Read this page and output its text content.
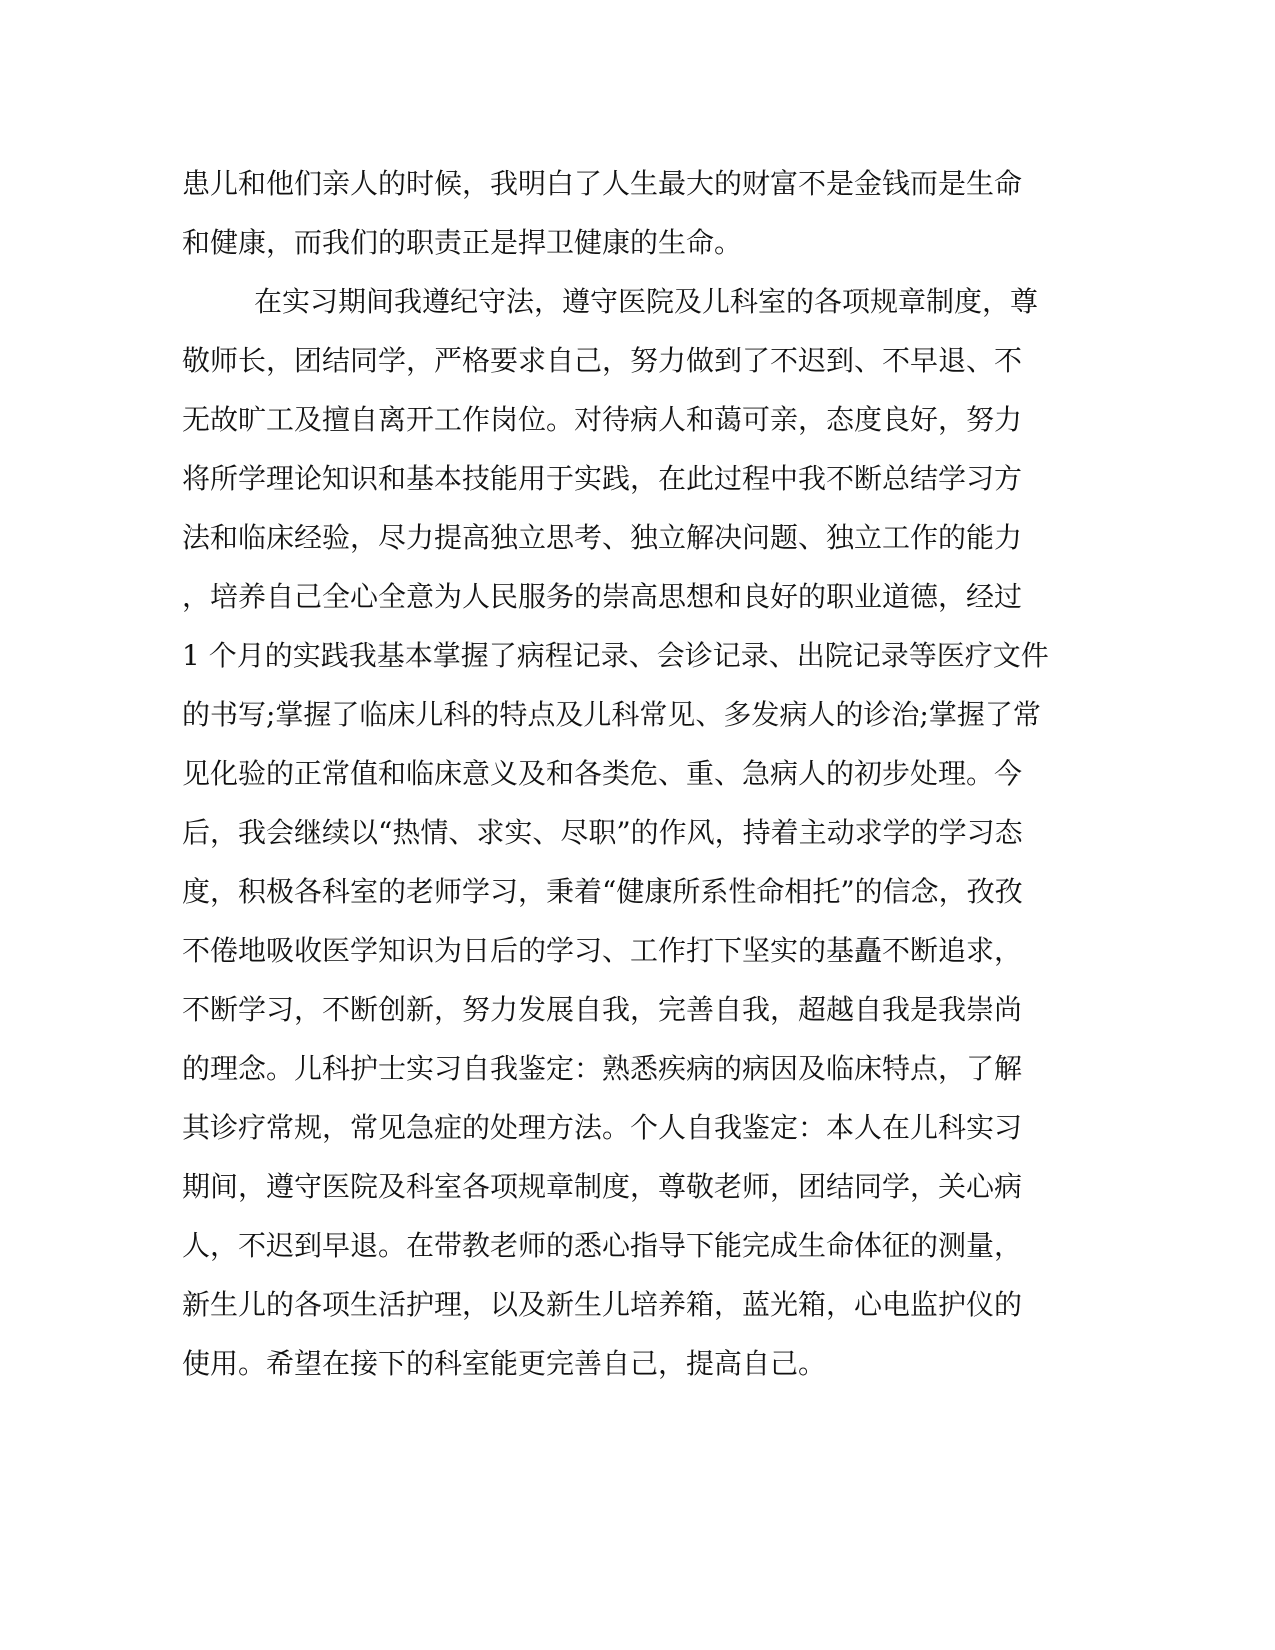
患儿和他们亲人的时候，我明白了人生最大的财富不是金钱而是生命
和健康，而我们的职责正是捍卫健康的生命。
在实习期间我遵纪守法，遵守医院及儿科室的各项规章制度，尊
敬师长，团结同学，严格要求自己，努力做到了不迟到、不早退、不
无故旷工及擅自离开工作岗位。对待病人和蔼可亲，态度良好，努力
将所学理论知识和基本技能用于实践，在此过程中我不断总结学习方
法和临床经验，尽力提高独立思考、独立解决问题、独立工作的能力
，培养自己全心全意为人民服务的崇高思想和良好的职业道德，经过
1 个月的实践我基本掌握了病程记录、会诊记录、出院记录等医疗文件
的书写;掌握了临床儿科的特点及儿科常见、多发病人的诊治;掌握了常
见化验的正常值和临床意义及和各类危、重、急病人的初步处理。今
后，我会继续以“热情、求实、尽职”的作风，持着主动求学的学习态
度，积极各科室的老师学习，秉着“健康所系性命相托”的信念，孜孜
不倦地吸收医学知识为日后的学习、工作打下坚实的基矗不断追求，
不断学习，不断创新，努力发展自我，完善自我，超越自我是我崇尚
的理念。儿科护士实习自我鉴定：熟悉疾病的病因及临床特点，了解
其诊疗常规，常见急症的处理方法。个人自我鉴定：本人在儿科实习
期间，遵守医院及科室各项规章制度，尊敬老师，团结同学，关心病
人，不迟到早退。在带教老师的悉心指导下能完成生命体征的测量，
新生儿的各项生活护理，以及新生儿培养箱，蓝光箱，心电监护仪的
使用。希望在接下的科室能更完善自己，提高自己。
